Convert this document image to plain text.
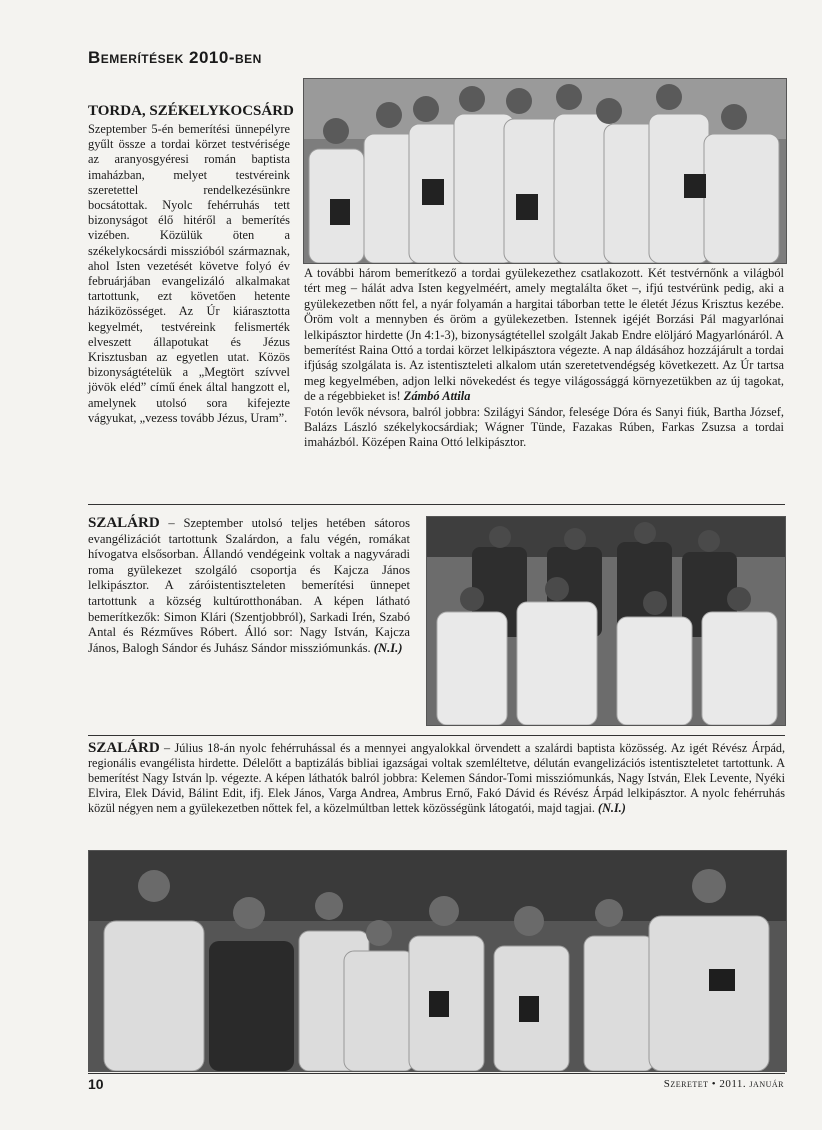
Bemerítések 2010-ben
TORDA, SZÉKELYKOCSÁRD
Szeptember 5-én bemerítési ünnepélyre gyűlt össze a tordai körzet testvérisége az aranyosgyéresi román baptista imaházban, melyet testvéreink szeretettel rendelkezésünkre bocsátottak. Nyolc fehérruhás tett bizonyságot élő hitéről a bemerítés vizében. Közülük öten a székelykocsárdi misszióból származnak, ahol Isten vezetését követve folyó év februárjában evangelizáló alkalmakat tartottunk, ezt követően hetente háziközösséget. Az Úr kiárasztotta kegyelmét, testvéreink felismerték elveszett állapotukat és Jézus Krisztusban az egyetlen utat. Közös bizonyságtételük a „Megtört szívvel jövök eléd” című ének által hangzott el, amelynek utolsó sora kifejezte vágyukat, „vezess tovább Jézus, Uram”.
A további három bemerítkező a tordai gyülekezethez csatlakozott. Két testvérnőnk a világból tért meg – hálát adva Isten kegyelméért, amely megtalálta őket –, ifjú testvérünk pedig, aki a gyülekezetben nőtt fel, a nyár folyamán a hargitai táborban tette le életét Jézus Krisztus kezébe. Öröm volt a mennyben és öröm a gyülekezetben. Istennek igéjét Borzási Pál magyarlónai lelkipásztor hirdette (Jn 4:1-3), bizonyságtétellel szolgált Jakab Endre elöljáró Magyarlónáról. A bemerítést Raina Ottó a tordai körzet lelkipásztora végezte. A nap áldásához hozzájárult a tordai ifjúság szolgálata is. Az istentiszteleti alkalom után szeretetvendégség következett. Az Úr tartsa meg kegyelmében, adjon lelki növekedést és tegye világossággá környezetükben az új tagokat, de a régebbieket is! Zámbó Attila
Fotón levők névsora, balról jobbra: Szilágyi Sándor, felesége Dóra és Sanyi fiúk, Bartha József, Balázs László székelykocsárdiak; Wágner Tünde, Fazakas Rúben, Farkas Zsuzsa a tordai imaházból. Középen Raina Ottó lelkipásztor.
SZALÁRD – Szeptember utolsó teljes hetében sátoros evangélizációt tartottunk Szalárdon, a falu végén, romákat hívogatva elsősorban. Állandó vendégeink voltak a nagyváradi roma gyülekezet szolgáló csoportja és Kajcza János lelkipásztor. A záróistentiszteleten bemerítési ünnepet tartottunk a község kultúrotthonában. A képen látható bemerítkezők: Simon Klári (Szentjobbról), Sarkadi Irén, Szabó Antal és Rézműves Róbert. Álló sor: Nagy István, Kajcza János, Balogh Sándor és Juhász Sándor missziómunkás. (N.I.)
SZALÁRD – Július 18-án nyolc fehérruhással és a mennyei angyalokkal örvendett a szalárdi baptista közösség. Az igét Révész Árpád, regionális evangélista hirdette. Délelőtt a baptizálás bibliai igazságai voltak szemléltetve, délután evangelizációs istentiszteletet tartottunk. A bemerítést Nagy István lp. végezte. A képen láthatók balról jobbra: Kelemen Sándor-Tomi missziómunkás, Nagy István, Elek Levente, Nyéki Elvira, Elek Dávid, Bálint Edit, ifj. Elek János, Varga Andrea, Ambrus Ernő, Fakó Dávid és Révész Árpád lelkipásztor. A nyolc fehérruhás közül négyen nem a gyülekezetben nőttek fel, a közelmúltban lettek közösségünk látogatói, majd tagjai. (N.I.)
10	Szeretet • 2011. január
